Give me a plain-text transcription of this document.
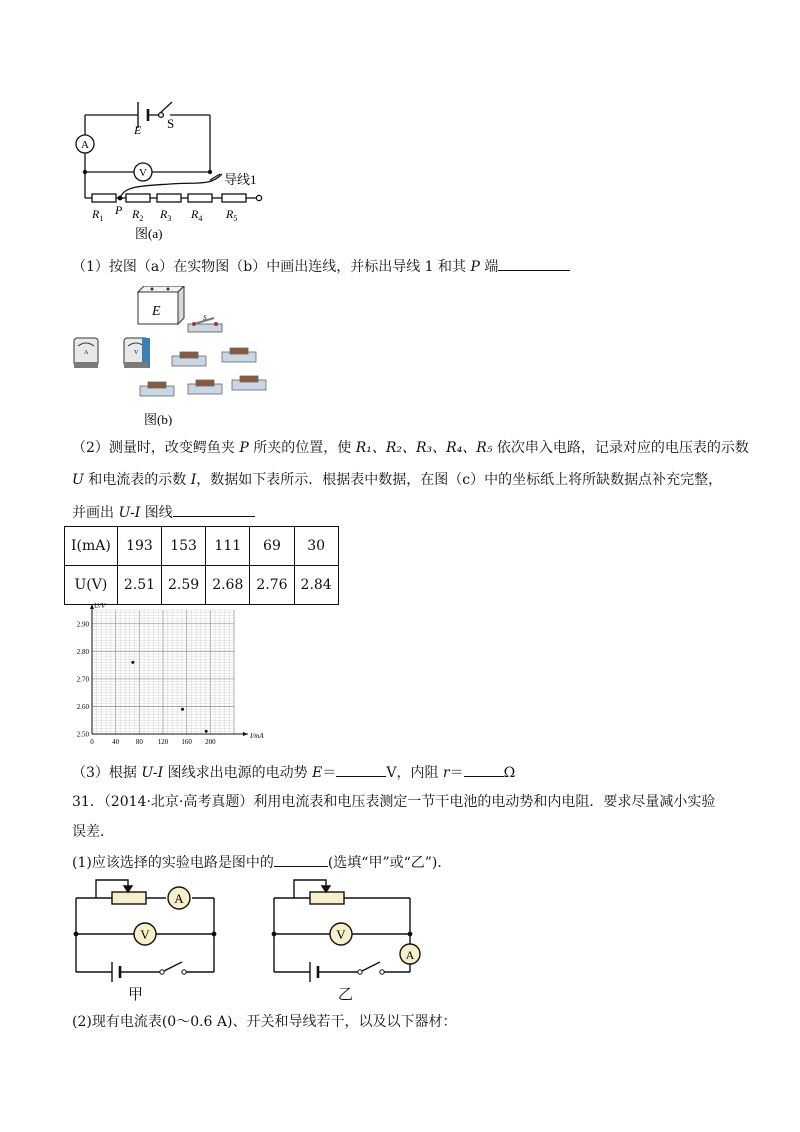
A
V
E S
导线1
P
$R_1$ $R_2$ $R_3$ $R_4$ $R_5$
图(a)
（1）按图（a）在实物图（b）中画出连线，并标出导线 1 和其 P 端
E	S
A	V
图(b)
（2）测量时，改变鳄鱼夹 P 所夹的位置，使 R₁、R₂、R₃、R₄、R₅ 依次串入电路，记录对应的电压表的示数
U 和电流表的示数 I，数据如下表所示．根据表中数据，在图（c）中的坐标纸上将所缺数据点补充完整，
并画出 U-I 图线
I(mA)	193	153	111	69	30
U(V)	2.51	2.59	2.68	2.76	2.84
0	40 80 120 160 200
2.50
2.60
2.70
2.80
2.90
I/mA
U/V
（3）根据 U-I 图线求出电源的电动势 E＝	V，内阻 r＝	Ω
31．（2014·北京·高考真题）利用电流表和电压表测定一节干电池的电动势和内电阻．要求尽量减小实验
误差．
(1)应该选择的实验电路是图中的	(选填“甲”或“乙”)．
A
V
甲
V
A
乙
(2)现有电流表(0～0.6 A)、开关和导线若干，以及以下器材：
